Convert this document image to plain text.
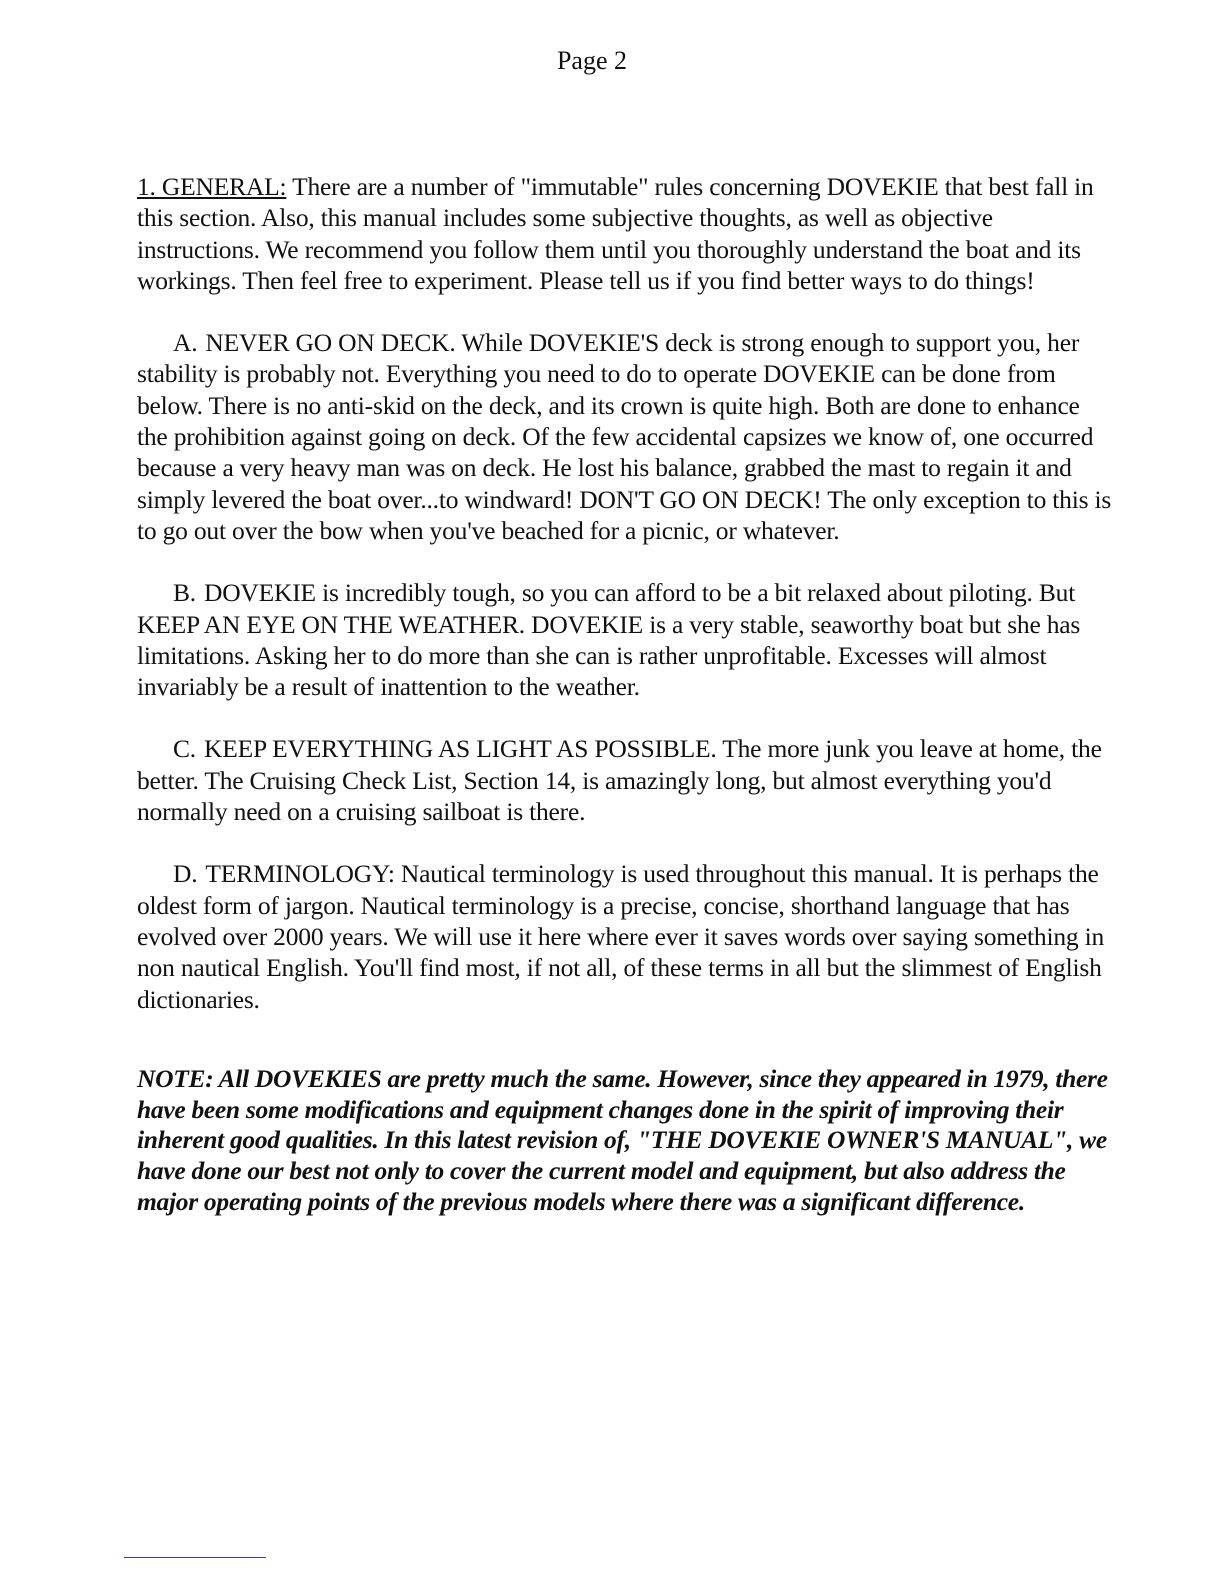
Page 2

1. GENERAL: There are a number of "immutable" rules concerning DOVEKIE that best fall in this section. Also, this manual includes some subjective thoughts, as well as objective instructions. We recommend you follow them until you thoroughly understand the boat and its workings. Then feel free to experiment. Please tell us if you find better ways to do things!

A. NEVER GO ON DECK. While DOVEKIE'S deck is strong enough to support you, her stability is probably not. Everything you need to do to operate DOVEKIE can be done from below. There is no anti-skid on the deck, and its crown is quite high. Both are done to enhance the prohibition against going on deck. Of the few accidental capsizes we know of, one occurred because a very heavy man was on deck. He lost his balance, grabbed the mast to regain it and simply levered the boat over...to windward! DON'T GO ON DECK! The only exception to this is to go out over the bow when you've beached for a picnic, or whatever.

B. DOVEKIE is incredibly tough, so you can afford to be a bit relaxed about piloting. But KEEP AN EYE ON THE WEATHER. DOVEKIE is a very stable, seaworthy boat but she has limitations. Asking her to do more than she can is rather unprofitable. Excesses will almost invariably be a result of inattention to the weather.

C. KEEP EVERYTHING AS LIGHT AS POSSIBLE. The more junk you leave at home, the better. The Cruising Check List, Section 14, is amazingly long, but almost everything you'd normally need on a cruising sailboat is there.

D. TERMINOLOGY: Nautical terminology is used throughout this manual. It is perhaps the oldest form of jargon. Nautical terminology is a precise, concise, shorthand language that has evolved over 2000 years. We will use it here where ever it saves words over saying something in non nautical English. You'll find most, if not all, of these terms in all but the slimmest of English dictionaries.

NOTE: All DOVEKIES are pretty much the same. However, since they appeared in 1979, there have been some modifications and equipment changes done in the spirit of improving their inherent good qualities. In this latest revision of, "THE DOVEKIE OWNER'S MANUAL", we have done our best not only to cover the current model and equipment, but also address the major operating points of the previous models where there was a significant difference.
